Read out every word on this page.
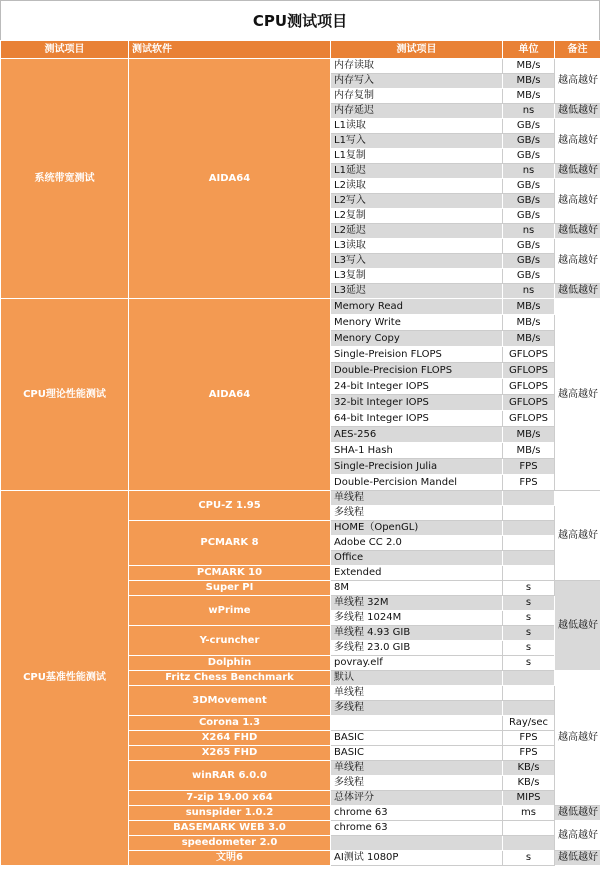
CPU测试项目
测试项目	测试软件	测试项目	单位	备注
系统带宽测试	AIDA64	内存读取	MB/s	越高越好
		内存写入	MB/s	
		内存复制	MB/s	
		内存延迟	ns	越低越好
		L1读取	GB/s	越高越好
		L1写入	GB/s	
		L1复制	GB/s	
		L1延迟	ns	越低越好
		L2读取	GB/s	越高越好
		L2写入	GB/s	
		L2复制	GB/s	
		L2延迟	ns	越低越好
		L3读取	GB/s	越高越好
		L3写入	GB/s	
		L3复制	GB/s	
		L3延迟	ns	越低越好
CPU理论性能测试	AIDA64	Memory Read	MB/s	越高越好
		Menory Write	MB/s	
		Menory Copy	MB/s	
		Single-Preision FLOPS	GFLOPS	
		Double-Precision FLOPS	GFLOPS	
		24-bit Integer IOPS	GFLOPS	
		32-bit Integer IOPS	GFLOPS	
		64-bit Integer IOPS	GFLOPS	
		AES-256	MB/s	
		SHA-1 Hash	MB/s	
		Single-Precision Julia	FPS	
		Double-Percision Mandel	FPS	
CPU基准性能测试	CPU-Z 1.95	单线程		越高越好
		多线程		
	PCMARK 8	HOME（OpenGL)		
		Adobe CC 2.0		
		Office		
	PCMARK 10	Extended		
	Super PI	8M	s	越低越好
	wPrime	单线程 32M	s	
		多线程 1024M	s	
	Y-cruncher	单线程 4.93 GIB	s	
		多线程 23.0 GIB	s	
	Dolphin	povray.elf	s	
	Fritz Chess Benchmark	默认		越高越好
	3DMovement	单线程		
		多线程		
	Corona 1.3		Ray/sec	
	X264 FHD	BASIC	FPS	
	X265 FHD	BASIC	FPS	
	winRAR 6.0.0	单线程	KB/s	
		多线程	KB/s	
	7-zip 19.00 x64	总体评分	MIPS	
	sunspider 1.0.2	chrome 63	ms	越低越好
	BASEMARK WEB 3.0	chrome 63		越高越好
	speedometer 2.0			
	文明6	AI测试 1080P	s	越低越好
